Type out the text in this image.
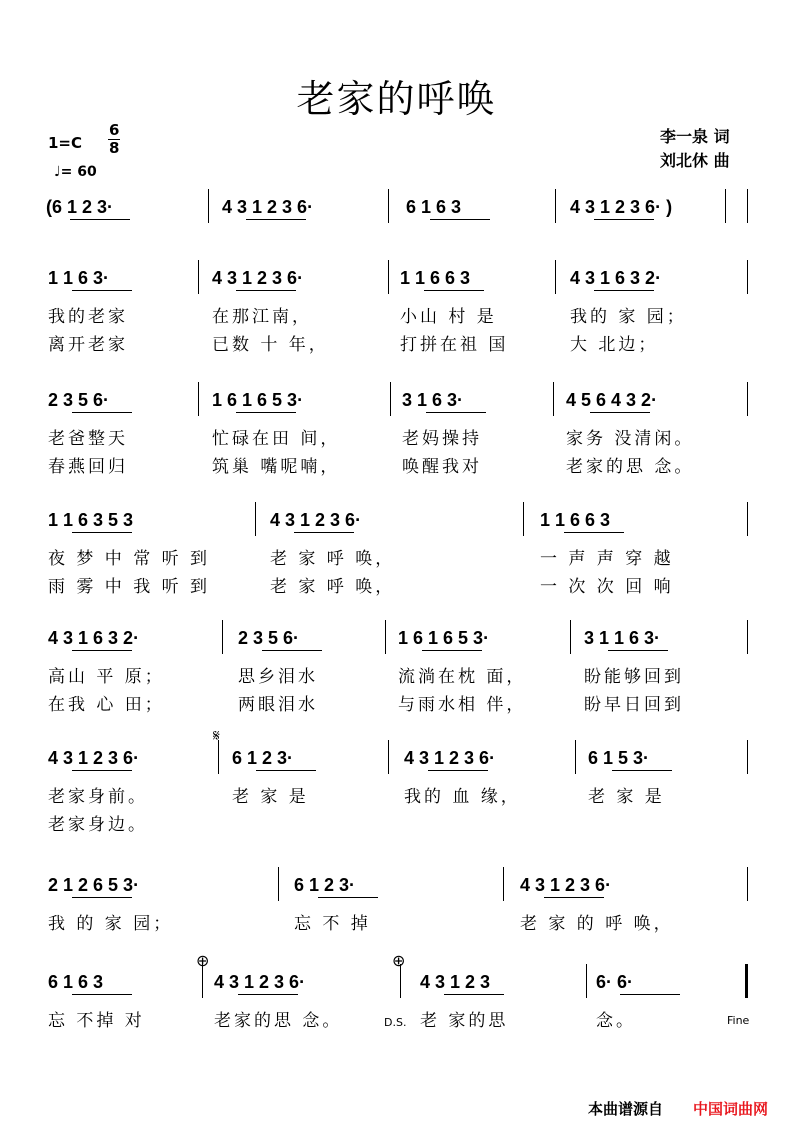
老家的呼唤
1=C
6
8
♩= 60
李一泉 词
刘北休 曲
(6 1 2 3·	4 3 1 2 3 6·	6 1 6 3	4 3 1 2 3 6· )
1 1 6 3·	4 3 1 2 3 6·	1 1 6 6 3	4 3 1 6 3 2·
我的老家	在那江南，	小山 村 是	我的 家 园；
离开老家	已数 十 年，	打拼在祖 国	大 北边；
2 3 5 6·	1 6 1 6 5 3·	3 1 6 3·	4 5 6 4 3 2·
老爸整天	忙碌在田 间，	老妈操持	家务 没清闲。
春燕回归	筑巢 嘴呢喃，	唤醒我对	老家的思 念。
1 1 6 3 5 3	4 3 1 2 3 6·	1 1 6 6 3
夜 梦 中 常 听 到	老 家 呼 唤，	一 声 声 穿 越
雨 雾 中 我 听 到	老 家 呼 唤，	一 次 次 回 响
4 3 1 6 3 2·	2 3 5 6·	1 6 1 6 5 3·	3 1 1 6 3·
高山 平 原；	思乡泪水	流淌在枕 面，	盼能够回到
在我 心 田；	两眼泪水	与雨水相 伴，	盼早日回到
4 3 1 2 3 6·	6 1 2 3·	4 3 1 2 3 6·	6 1 5 3·
老家身前。	老 家 是	我的 血 缘，	老 家 是
老家身边。
2 1 2 6 5 3·	6 1 2 3·	4 3 1 2 3 6·
我 的 家 园；	忘 不 掉	老 家 的 呼 唤，
6 1 6 3	4 3 1 2 3 6·	4 3 1 2 3	6· 6·
忘 不掉 对	老家的思 念。	老 家的思	念。
𝄋
⊕	⊕
D.S.	Fine
本曲谱源自 中国词曲网
